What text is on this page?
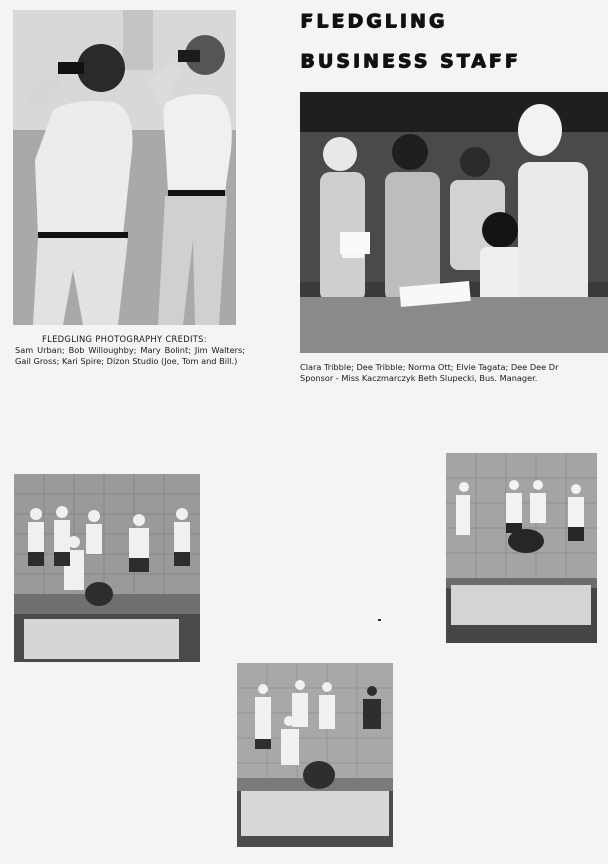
FLEDGLING
BUSINESS STAFF

FLEDGLING PHOTOGRAPHY CREDITS:

Sam Urban; Bob Willoughby; Mary Bolint; Jim Walters; Gail Gross; Kari Spire; Dizon Studio (Joe, Tom and Bill.)

Clara Tribble; Dee Tribble; Norma Ott; Elvie Tagata; Dee Dee Dr
Sponsor - Miss Kaczmarczyk Beth Slupecki, Bus. Manager.
